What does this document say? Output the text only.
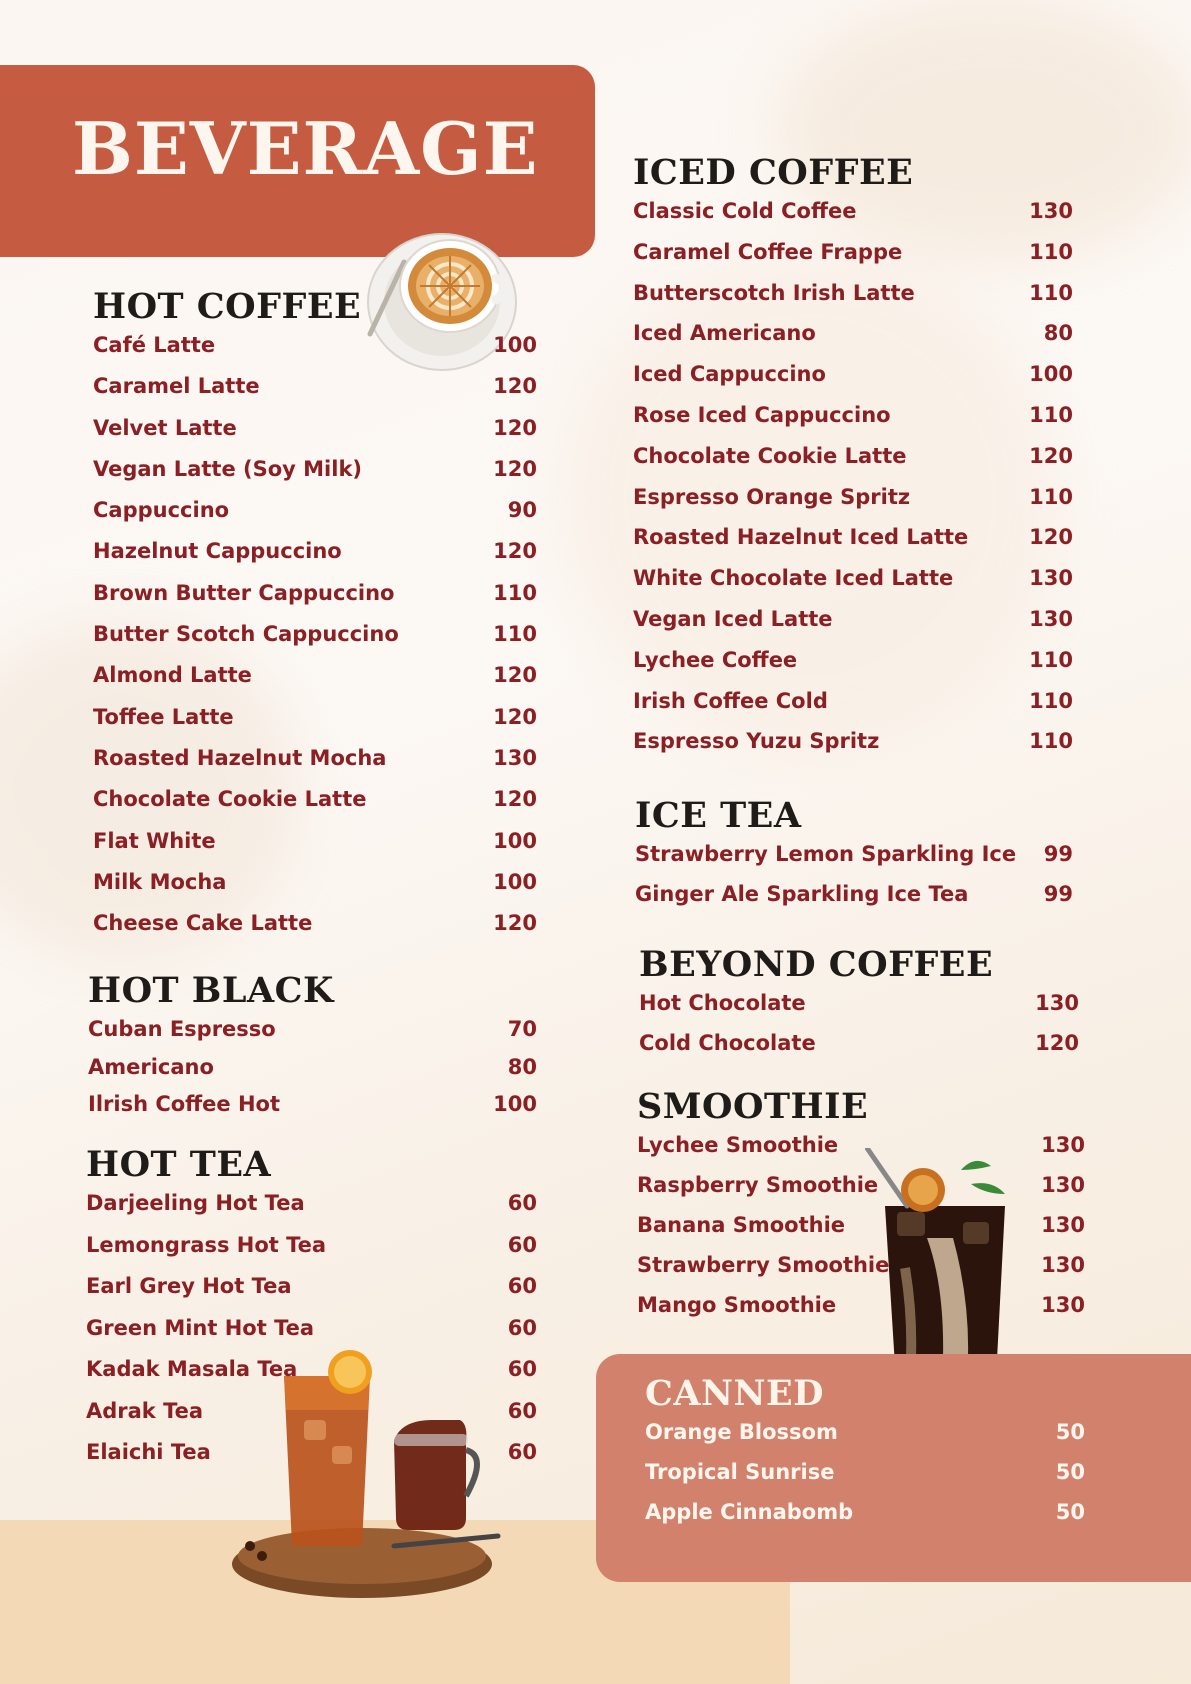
BEVERAGE
HOT COFFEE
Café Latte	100
Caramel Latte	120
Velvet Latte	120
Vegan Latte (Soy Milk)	120
Cappuccino	90
Hazelnut Cappuccino	120
Brown Butter Cappuccino	110
Butter Scotch Cappuccino	110
Almond Latte	120
Toffee Latte	120
Roasted Hazelnut Mocha	130
Chocolate Cookie Latte	120
Flat White	100
Milk Mocha	100
Cheese Cake Latte	120
HOT BLACK
Cuban Espresso	70
Americano	80
Ilrish Coffee Hot	100
HOT TEA
Darjeeling Hot Tea	60
Lemongrass Hot Tea	60
Earl Grey Hot Tea	60
Green Mint Hot Tea	60
Kadak Masala Tea	60
Adrak Tea	60
Elaichi Tea	60
ICED COFFEE
Classic Cold Coffee	130
Caramel Coffee Frappe	110
Butterscotch Irish Latte	110
Iced Americano	80
Iced Cappuccino	100
Rose Iced Cappuccino	110
Chocolate Cookie Latte	120
Espresso Orange Spritz	110
Roasted Hazelnut Iced Latte	120
White Chocolate Iced Latte	130
Vegan Iced Latte	130
Lychee Coffee	110
Irish Coffee Cold	110
Espresso Yuzu Spritz	110
ICE TEA
Strawberry Lemon Sparkling Ice 99
Ginger Ale Sparkling Ice Tea	99
BEYOND COFFEE
Hot Chocolate	130
Cold Chocolate	120
SMOOTHIE
Lychee Smoothie	130
Raspberry Smoothie	130
Banana Smoothie	130
Strawberry Smoothie	130
Mango Smoothie	130
CANNED
Orange Blossom	50
Tropical Sunrise	50
Apple Cinnabomb	50
